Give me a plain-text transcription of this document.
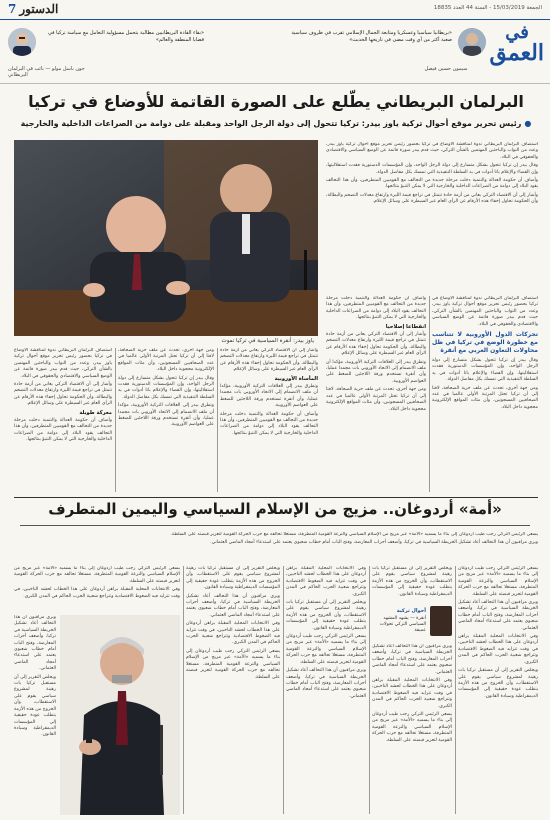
الدستور7	الجمعة 15/03/2019 - السنة 44 العدد 18835
في
العمق
«بريطانيا سياسيا وعسكريا ومتابعة الجمال الإسلامي تقرب في ظروف سياسية صعبة أكثر من أي وقت مضى في تاريخها الحديث»
سيمون حسين فيصل
«بقاء القادة البريطانيين مطالبة بتحمل مسؤولية التعامل مع سياسة تركيا في قضايا المنطقة والعالم»
جون باسل مولو — نائب في البرلمان البريطاني
البرلمان البريطاني يطّلع على الصورة القاتمة للأوضاع في تركيا
●رئيس تحرير موقع أحوال تركية ياوز بيدر: تركيا تتحول إلى دولة الرجل الواحد ومقبلة على دوامة من الصراعات الداخلية والخارجية
ياوز بيدر: أنقرة السياسية في تركيا تموت

استضاف البرلمان البريطاني ندوة لمناقشة الأوضاع في تركيا بحضور رئيس تحرير موقع أحوال تركية ياوز بيدر، وعدد من النواب والباحثين المهتمين بالشأن التركي، حيث قدم بيدر صورة قاتمة عن الوضع السياسي والاقتصادي والحقوقي في البلاد.

وقال بيدر إن تركيا تتحول بشكل متسارع إلى دولة الرجل الواحد، وإن المؤسسات الدستورية فقدت استقلاليتها، وإن القضاء والإعلام باتا أدوات في يد السلطة التنفيذية التي تمسك بكل مفاصل الدولة.

وأضاف أن حكومة العدالة والتنمية دخلت مرحلة جديدة من التحالف مع القوميين المتطرفين، وأن هذا التحالف يقود البلاد إلى دوامة من الصراعات الداخلية والخارجية التي لا يمكن التنبؤ بنتائجها.

وأشار إلى أن الاقتصاد التركي يعاني من أزمة حادة تتمثل في تراجع قيمة الليرة وارتفاع معدلات التضخم والبطالة، وأن الحكومة تحاول إخفاء هذه الأرقام عن الرأي العام عبر السيطرة على وسائل الإعلام.

استضاف البرلمان البريطاني ندوة لمناقشة الأوضاع في تركيا بحضور رئيس تحرير موقع أحوال تركية ياوز بيدر، وعدد من النواب والباحثين المهتمين بالشأن التركي، حيث قدم بيدر صورة قاتمة عن الوضع السياسي والاقتصادي والحقوقي في البلاد.

تحركات الدول الأوروبية لا تتناسب مع خطورة الوضع في تركيا في ظل محاولات التعاون الغربي مع أنقرة

وقال بيدر إن تركيا تتحول بشكل متسارع إلى دولة الرجل الواحد، وإن المؤسسات الدستورية فقدت استقلاليتها، وإن القضاء والإعلام باتا أدوات في يد السلطة التنفيذية التي تمسك بكل مفاصل الدولة.

ومن جهة أخرى، تحدث عن ملف حرية الصحافة، لافتا إلى أن تركيا تحتل المرتبة الأولى عالميا في عدد الصحافيين المسجونين، وأن مئات المواقع الإلكترونية محجوبة داخل البلاد.

وأضاف أن حكومة العدالة والتنمية دخلت مرحلة جديدة من التحالف مع القوميين المتطرفين، وأن هذا التحالف يقود البلاد إلى دوامة من الصراعات الداخلية والخارجية التي لا يمكن التنبؤ بنتائجها.

انقطاعا إصلاحيا

وأشار إلى أن الاقتصاد التركي يعاني من أزمة حادة تتمثل في تراجع قيمة الليرة وارتفاع معدلات التضخم والبطالة، وأن الحكومة تحاول إخفاء هذه الأرقام عن الرأي العام عبر السيطرة على وسائل الإعلام.

وتطرق بيدر إلى العلاقات التركية الأوروبية، مؤكدا أن ملف الانضمام إلى الاتحاد الأوروبي بات مجمدا عمليا، وأن أنقرة تستخدم ورقة اللاجئين للضغط على العواصم الأوروبية.

ومن جهة أخرى، تحدث عن ملف حرية الصحافة، لافتا إلى أن تركيا تحتل المرتبة الأولى عالميا في عدد الصحافيين المسجونين، وأن مئات المواقع الإلكترونية محجوبة داخل البلاد.

وأشار إلى أن الاقتصاد التركي يعاني من أزمة حادة تتمثل في تراجع قيمة الليرة وارتفاع معدلات التضخم والبطالة، وأن الحكومة تحاول إخفاء هذه الأرقام عن الرأي العام عبر السيطرة على وسائل الإعلام.

المأساة الأوروبية

وتطرق بيدر إلى العلاقات التركية الأوروبية، مؤكدا أن ملف الانضمام إلى الاتحاد الأوروبي بات مجمدا عمليا، وأن أنقرة تستخدم ورقة اللاجئين للضغط على العواصم الأوروبية.

وأضاف أن حكومة العدالة والتنمية دخلت مرحلة جديدة من التحالف مع القوميين المتطرفين، وأن هذا التحالف يقود البلاد إلى دوامة من الصراعات الداخلية والخارجية التي لا يمكن التنبؤ بنتائجها.

ومن جهة أخرى، تحدث عن ملف حرية الصحافة، لافتا إلى أن تركيا تحتل المرتبة الأولى عالميا في عدد الصحافيين المسجونين، وأن مئات المواقع الإلكترونية محجوبة داخل البلاد.

وقال بيدر إن تركيا تتحول بشكل متسارع إلى دولة الرجل الواحد، وإن المؤسسات الدستورية فقدت استقلاليتها، وإن القضاء والإعلام باتا أدوات في يد السلطة التنفيذية التي تمسك بكل مفاصل الدولة.

وتطرق بيدر إلى العلاقات التركية الأوروبية، مؤكدا أن ملف الانضمام إلى الاتحاد الأوروبي بات مجمدا عمليا، وأن أنقرة تستخدم ورقة اللاجئين للضغط على العواصم الأوروبية.

استضاف البرلمان البريطاني ندوة لمناقشة الأوضاع في تركيا بحضور رئيس تحرير موقع أحوال تركية ياوز بيدر، وعدد من النواب والباحثين المهتمين بالشأن التركي، حيث قدم بيدر صورة قاتمة عن الوضع السياسي والاقتصادي والحقوقي في البلاد.

وأشار إلى أن الاقتصاد التركي يعاني من أزمة حادة تتمثل في تراجع قيمة الليرة وارتفاع معدلات التضخم والبطالة، وأن الحكومة تحاول إخفاء هذه الأرقام عن الرأي العام عبر السيطرة على وسائل الإعلام.

معركة طويلة

وأضاف أن حكومة العدالة والتنمية دخلت مرحلة جديدة من التحالف مع القوميين المتطرفين، وأن هذا التحالف يقود البلاد إلى دوامة من الصراعات الداخلية والخارجية التي لا يمكن التنبؤ بنتائجها.

«أمة» أردوغان.. مزيج من الإسلام السياسي واليمين المتطرف

يسعى الرئيس التركي رجب طيب أردوغان إلى بناء ما يسميه «الأمة» عبر مزيج من الإسلام السياسي والنزعة القومية المتطرفة، مستغلا تحالفه مع حزب الحركة القومية لتعزيز قبضته على السلطة.

ويرى مراقبون أن هذا التحالف أعاد تشكيل الخريطة السياسية في تركيا، وأضعف أحزاب المعارضة، وفتح الباب أمام خطاب شعبوي يعتمد على استدعاء أمجاد الماضي العثماني.

يسعى الرئيس التركي رجب طيب أردوغان إلى بناء ما يسميه «الأمة» عبر مزيج من الإسلام السياسي والنزعة القومية المتطرفة، مستغلا تحالفه مع حزب الحركة القومية لتعزيز قبضته على السلطة.

ويرى مراقبون أن هذا التحالف أعاد تشكيل الخريطة السياسية في تركيا، وأضعف أحزاب المعارضة، وفتح الباب أمام خطاب شعبوي يعتمد على استدعاء أمجاد الماضي العثماني.

وفي الانتخابات المحلية المقبلة يراهن أردوغان على هذا الخطاب لحشد الناخبين، في وقت تتزايد فيه الضغوط الاقتصادية وتتراجع شعبية الحزب الحاكم في المدن الكبرى.

ويخلص التقرير إلى أن مستقبل تركيا بات رهينة لمشروع سياسي يقوم على الاستقطاب، وأن الخروج من هذه الأزمة يتطلب عودة حقيقية إلى المؤسسات الديمقراطية وسيادة القانون.

أحوال تركية
أنقرة — يشهد المشهد السياسي التركي تحولات عميقة

ويرى مراقبون أن هذا التحالف أعاد تشكيل الخريطة السياسية في تركيا، وأضعف أحزاب المعارضة، وفتح الباب أمام خطاب شعبوي يعتمد على استدعاء أمجاد الماضي العثماني.

وفي الانتخابات المحلية المقبلة يراهن أردوغان على هذا الخطاب لحشد الناخبين، في وقت تتزايد فيه الضغوط الاقتصادية وتتراجع شعبية الحزب الحاكم في المدن الكبرى.

يسعى الرئيس التركي رجب طيب أردوغان إلى بناء ما يسميه «الأمة» عبر مزيج من الإسلام السياسي والنزعة القومية المتطرفة، مستغلا تحالفه مع حزب الحركة القومية لتعزيز قبضته على السلطة.

ويخلص التقرير إلى أن مستقبل تركيا بات رهينة لمشروع سياسي يقوم على الاستقطاب، وأن الخروج من هذه الأزمة يتطلب عودة حقيقية إلى المؤسسات الديمقراطية وسيادة القانون.

وفي الانتخابات المحلية المقبلة يراهن أردوغان على هذا الخطاب لحشد الناخبين، في وقت تتزايد فيه الضغوط الاقتصادية وتتراجع شعبية الحزب الحاكم في المدن الكبرى.

ويخلص التقرير إلى أن مستقبل تركيا بات رهينة لمشروع سياسي يقوم على الاستقطاب، وأن الخروج من هذه الأزمة يتطلب عودة حقيقية إلى المؤسسات الديمقراطية وسيادة القانون.

يسعى الرئيس التركي رجب طيب أردوغان إلى بناء ما يسميه «الأمة» عبر مزيج من الإسلام السياسي والنزعة القومية المتطرفة، مستغلا تحالفه مع حزب الحركة القومية لتعزيز قبضته على السلطة.

ويرى مراقبون أن هذا التحالف أعاد تشكيل الخريطة السياسية في تركيا، وأضعف أحزاب المعارضة، وفتح الباب أمام خطاب شعبوي يعتمد على استدعاء أمجاد الماضي العثماني.

ويخلص التقرير إلى أن مستقبل تركيا بات رهينة لمشروع سياسي يقوم على الاستقطاب، وأن الخروج من هذه الأزمة يتطلب عودة حقيقية إلى المؤسسات الديمقراطية وسيادة القانون.

ويرى مراقبون أن هذا التحالف أعاد تشكيل الخريطة السياسية في تركيا، وأضعف أحزاب المعارضة، وفتح الباب أمام خطاب شعبوي يعتمد على استدعاء أمجاد الماضي العثماني.

وفي الانتخابات المحلية المقبلة يراهن أردوغان على هذا الخطاب لحشد الناخبين، في وقت تتزايد فيه الضغوط الاقتصادية وتتراجع شعبية الحزب الحاكم في المدن الكبرى.

يسعى الرئيس التركي رجب طيب أردوغان إلى بناء ما يسميه «الأمة» عبر مزيج من الإسلام السياسي والنزعة القومية المتطرفة، مستغلا تحالفه مع حزب الحركة القومية لتعزيز قبضته على السلطة.

يسعى الرئيس التركي رجب طيب أردوغان إلى بناء ما يسميه «الأمة» عبر مزيج من الإسلام السياسي والنزعة القومية المتطرفة، مستغلا تحالفه مع حزب الحركة القومية لتعزيز قبضته على السلطة.

وفي الانتخابات المحلية المقبلة يراهن أردوغان على هذا الخطاب لحشد الناخبين، في وقت تتزايد فيه الضغوط الاقتصادية وتتراجع شعبية الحزب الحاكم في المدن الكبرى.

ويرى مراقبون أن هذا التحالف أعاد تشكيل الخريطة السياسية في تركيا، وأضعف أحزاب المعارضة، وفتح الباب أمام خطاب شعبوي يعتمد على استدعاء أمجاد الماضي العثماني.

ويخلص التقرير إلى أن مستقبل تركيا بات رهينة لمشروع سياسي يقوم على الاستقطاب، وأن الخروج من هذه الأزمة يتطلب عودة حقيقية إلى المؤسسات الديمقراطية وسيادة القانون.
